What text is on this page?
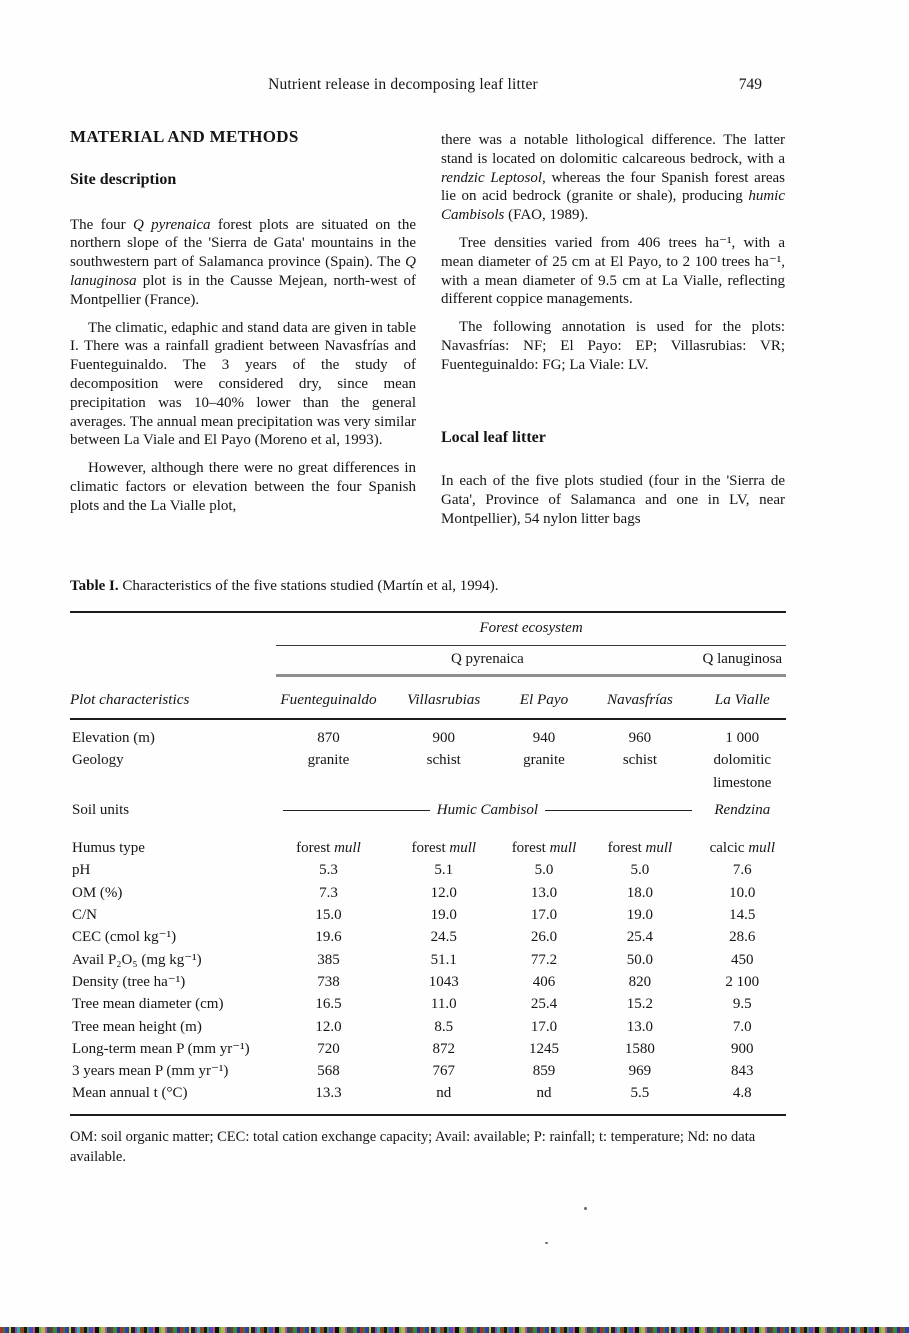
Nutrient release in decomposing leaf litter	749
MATERIAL AND METHODS
Site description

The four Q pyrenaica forest plots are situated on the northern slope of the 'Sierra de Gata' mountains in the southwestern part of Salamanca province (Spain). The Q lanuginosa plot is in the Causse Mejean, north-west of Montpellier (France).

The climatic, edaphic and stand data are given in table I. There was a rainfall gradient between Navasfrías and Fuenteguinaldo. The 3 years of the study of decomposition were considered dry, since mean precipitation was 10–40% lower than the general averages. The annual mean precipitation was very similar between La Viale and El Payo (Moreno et al, 1993).

However, although there were no great differences in climatic factors or elevation between the four Spanish plots and the La Vialle plot,

there was a notable lithological difference. The latter stand is located on dolomitic calcareous bedrock, with a rendzic Leptosol, whereas the four Spanish forest areas lie on acid bedrock (granite or shale), producing humic Cambisols (FAO, 1989).

Tree densities varied from 406 trees ha⁻¹, with a mean diameter of 25 cm at El Payo, to 2 100 trees ha⁻¹, with a mean diameter of 9.5 cm at La Vialle, reflecting different coppice managements.

The following annotation is used for the plots: Navasfrías: NF; El Payo: EP; Villasrubias: VR; Fuenteguinaldo: FG; La Viale: LV.

Local leaf litter

In each of the five plots studied (four in the 'Sierra de Gata', Province of Salamanca and one in LV, near Montpellier), 54 nylon litter bags

Table I. Characteristics of the five stations studied (Martín et al, 1994).

Forest ecosystem
Q pyrenaica	Q lanuginosa
Plot characteristics	Fuenteguinaldo	Villasrubias	El Payo	Navasfrías	La Vialle
Elevation (m)	870	900	940	960	1 000
Geology	granite	schist	granite	schist	dolomitic limestone
Soil units	Humic Cambisol	Rendzina
Humus type	forest mull	forest mull	forest mull	forest mull	calcic mull
pH	5.3	5.1	5.0	5.0	7.6
OM (%)	7.3	12.0	13.0	18.0	10.0
C/N	15.0	19.0	17.0	19.0	14.5
CEC (cmol kg⁻¹)	19.6	24.5	26.0	25.4	28.6
Avail P₂O₅ (mg kg⁻¹)	385	51.1	77.2	50.0	450
Density (tree ha⁻¹)	738	1043	406	820	2 100
Tree mean diameter (cm)	16.5	11.0	25.4	15.2	9.5
Tree mean height (m)	12.0	8.5	17.0	13.0	7.0
Long-term mean P (mm yr⁻¹)	720	872	1245	1580	900
3 years mean P (mm yr⁻¹)	568	767	859	969	843
Mean annual t (°C)	13.3	nd	nd	5.5	4.8

OM: soil organic matter; CEC: total cation exchange capacity; Avail: available; P: rainfall; t: temperature; Nd: no data available.
